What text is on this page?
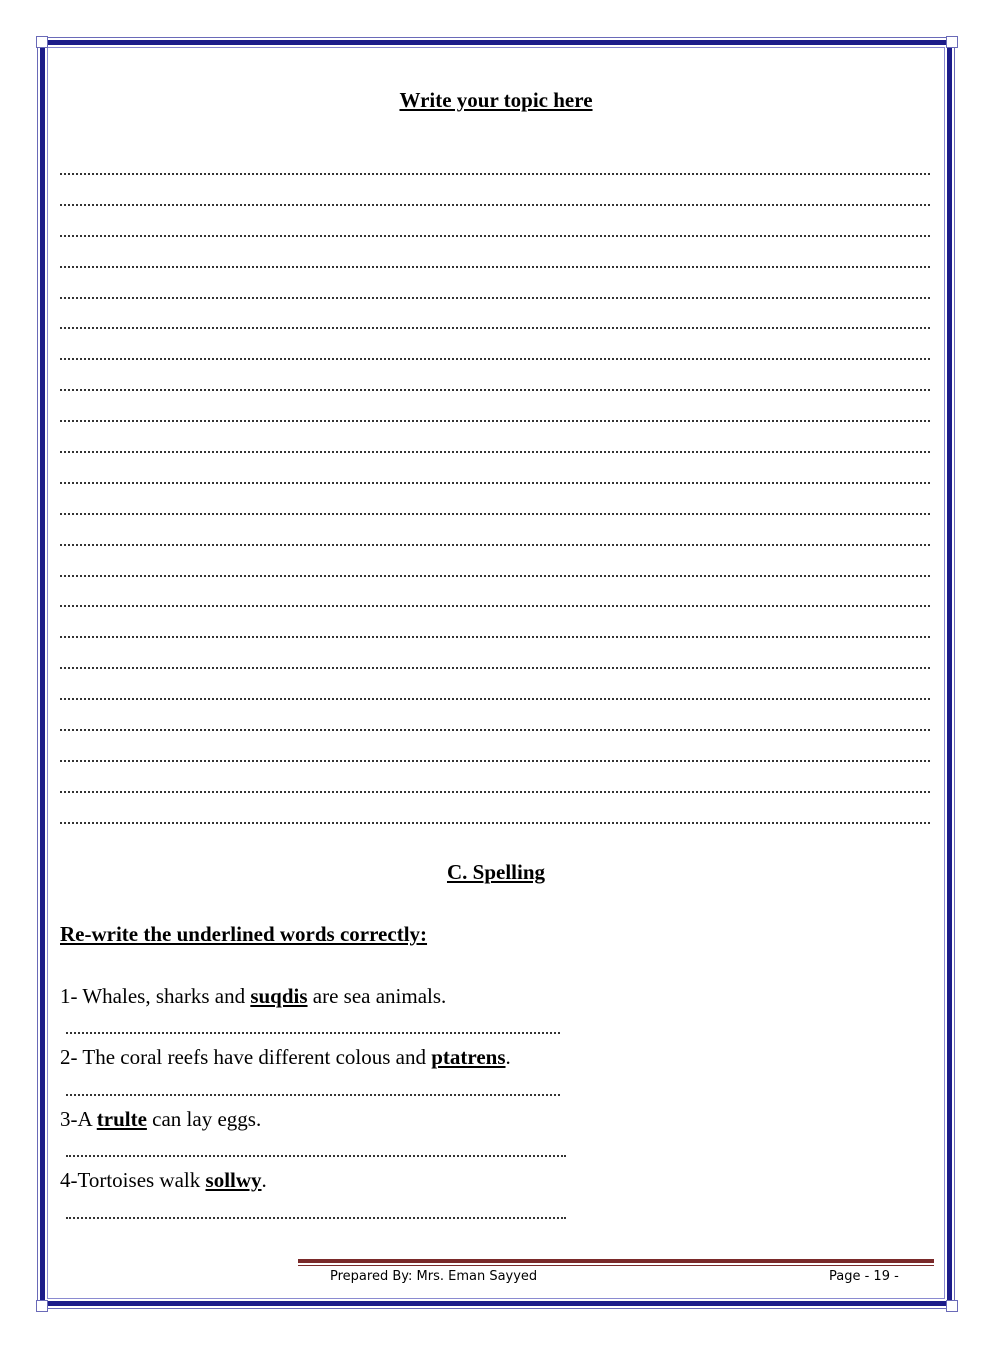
Write your topic here
C. Spelling
Re-write the underlined words correctly:
1- Whales, sharks and suqdis are sea animals.
2- The coral reefs have different colous and ptatrens.
3-A trulte can lay eggs.
4-Tortoises walk sollwy.
Prepared By: Mrs. Eman Sayyed	Page - 19 -
